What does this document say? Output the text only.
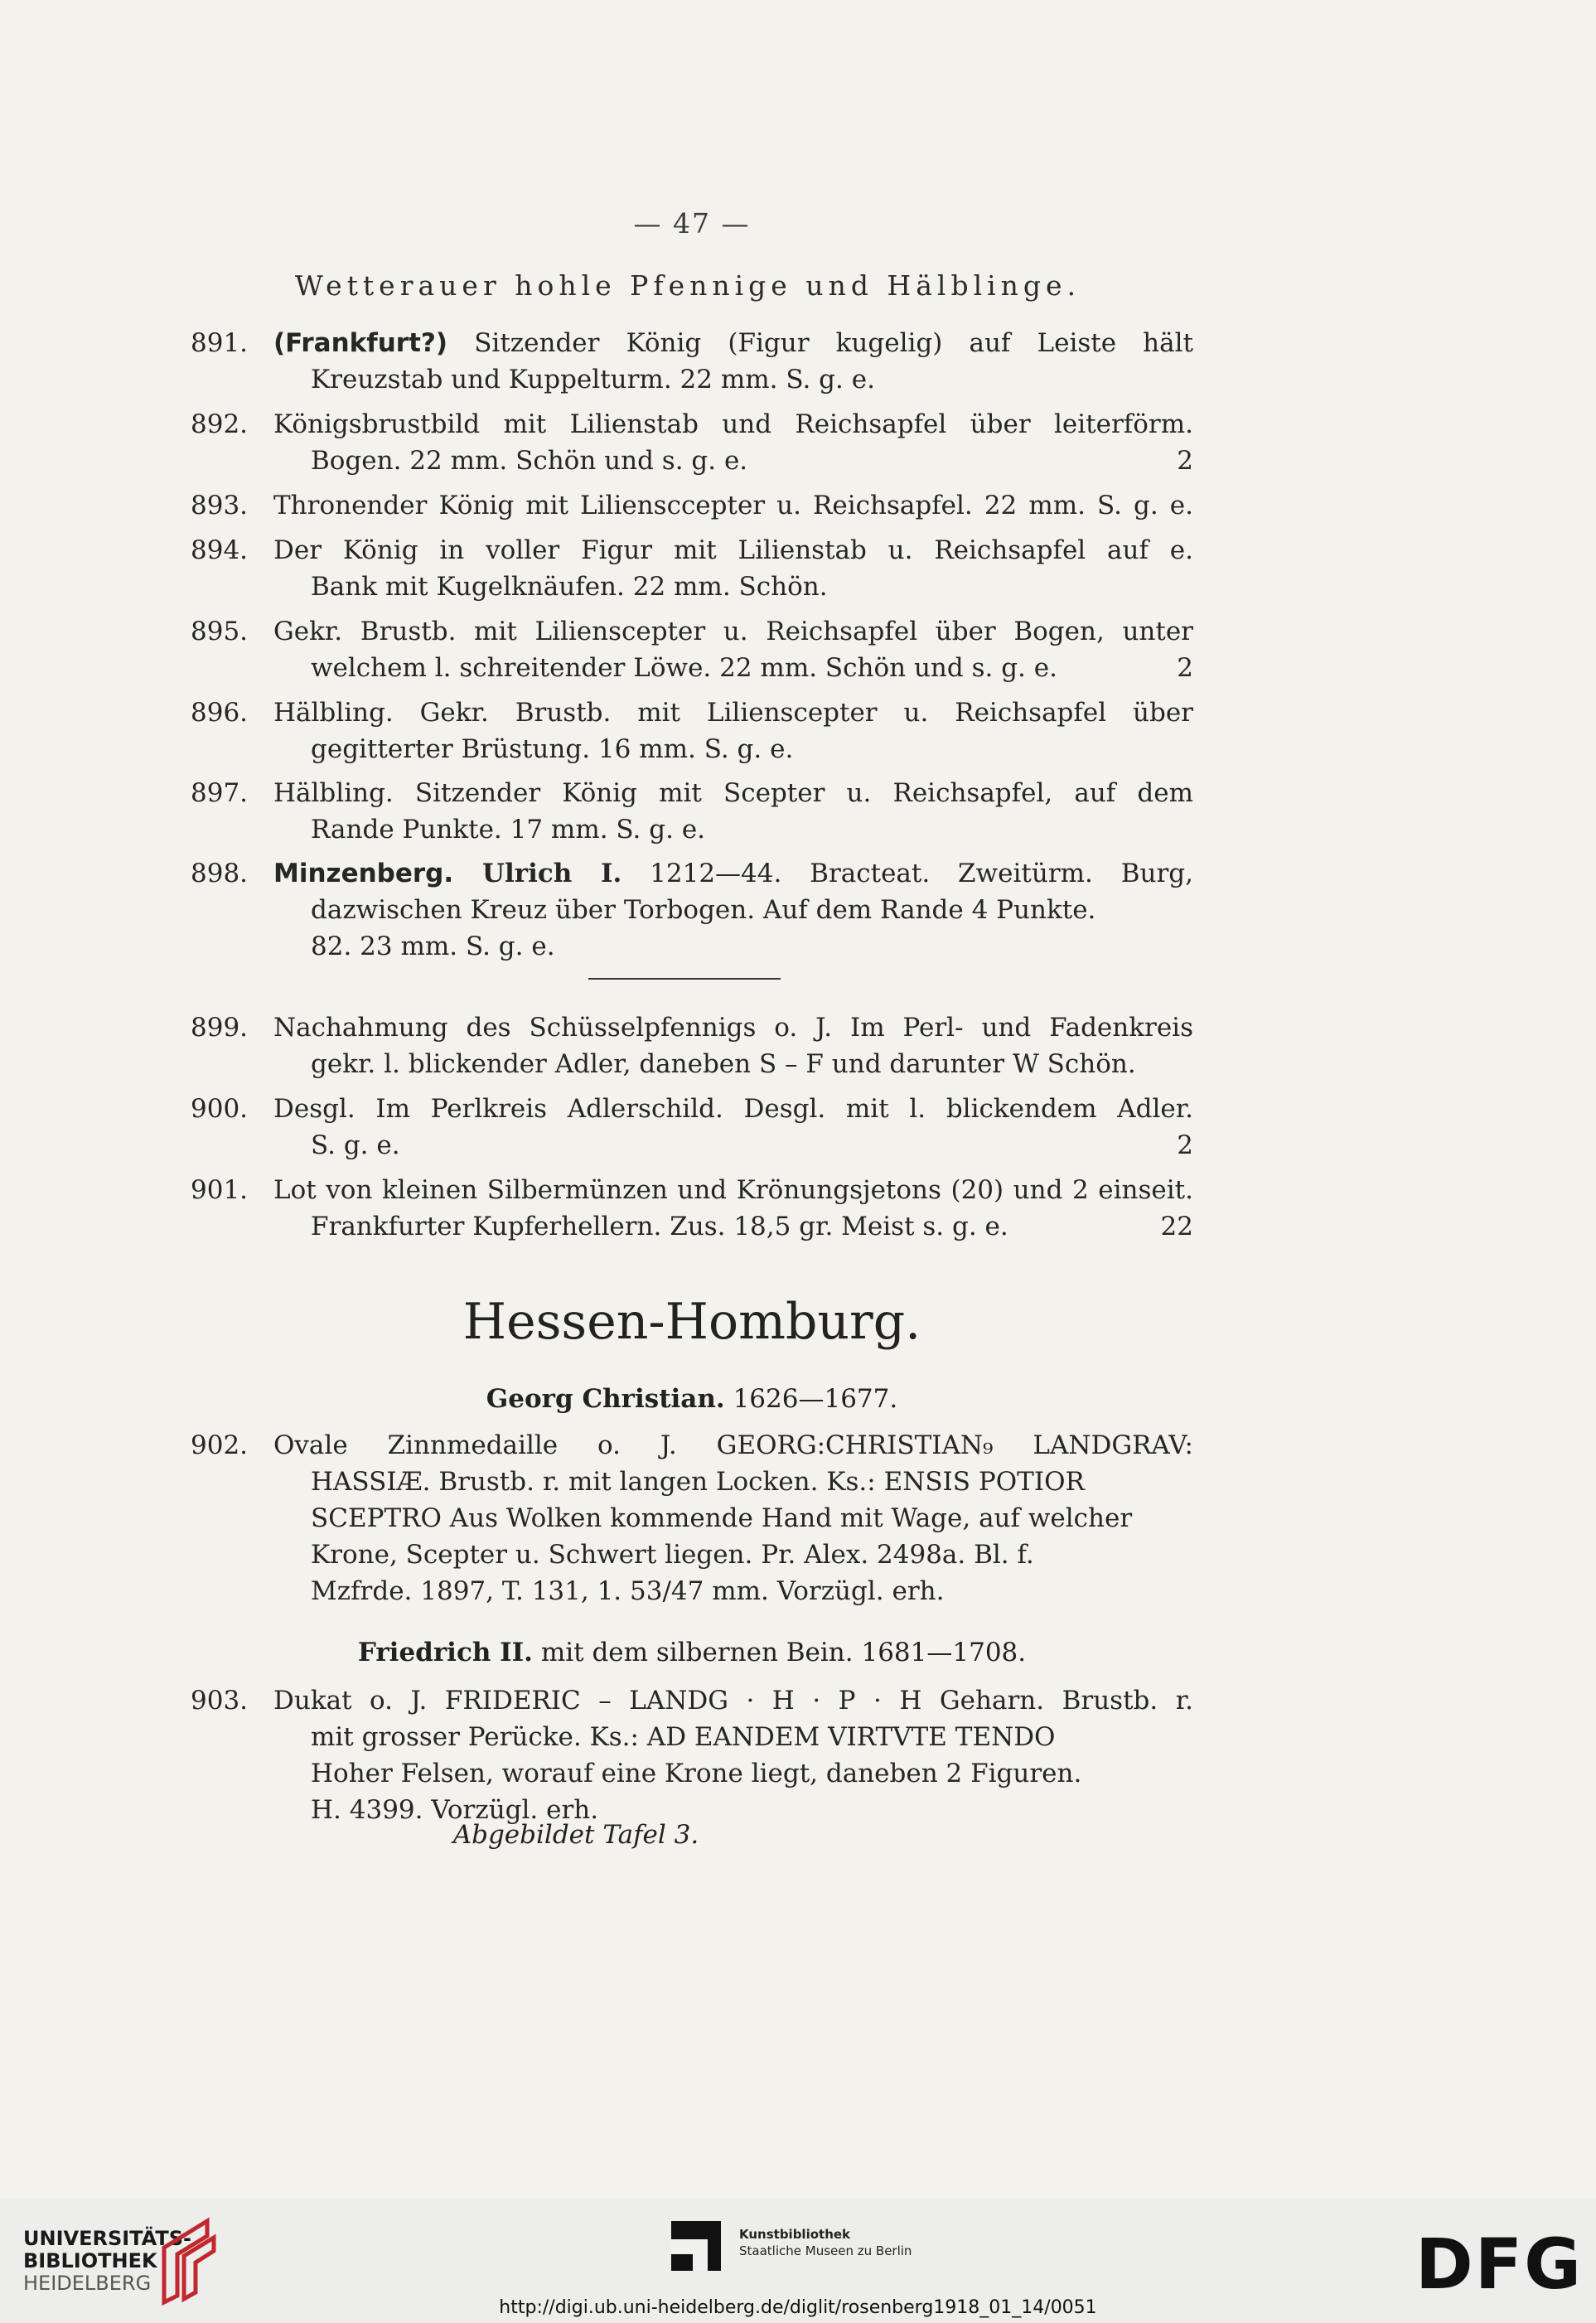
— 47 —
Wetterauer hohle Pfennige und Hälblinge.
891. (Frankfurt?) Sitzender König (Figur kugelig) auf Leiste hält
Kreuzstab und Kuppelturm. 22 mm. S. g. e.
892. Königsbrustbild mit Lilienstab und Reichsapfel über leiterförm.
Bogen. 22 mm. Schön und s. g. e.	2
893. Thronender König mit Liliensccepter u. Reichsapfel. 22 mm. S. g. e.
894. Der König in voller Figur mit Lilienstab u. Reichsapfel auf e.
Bank mit Kugelknäufen. 22 mm. Schön.
895. Gekr. Brustb. mit Lilienscepter u. Reichsapfel über Bogen, unter
welchem l. schreitender Löwe. 22 mm. Schön und s. g. e.	2
896. Hälbling. Gekr. Brustb. mit Lilienscepter u. Reichsapfel über
gegitterter Brüstung. 16 mm. S. g. e.
897. Hälbling. Sitzender König mit Scepter u. Reichsapfel, auf dem
Rande Punkte. 17 mm. S. g. e.
898. Minzenberg. Ulrich I. 1212—44. Bracteat. Zweitürm. Burg,
dazwischen Kreuz über Torbogen. Auf dem Rande 4 Punkte.
82. 23 mm. S. g. e.
899. Nachahmung des Schüsselpfennigs o. J. Im Perl- und Fadenkreis
gekr. l. blickender Adler, daneben S – F und darunter W Schön.
900. Desgl. Im Perlkreis Adlerschild. Desgl. mit l. blickendem Adler.
S. g. e.	2
901. Lot von kleinen Silbermünzen und Krönungsjetons (20) und 2 einseit.
Frankfurter Kupferhellern. Zus. 18,5 gr. Meist s. g. e.	22
Hessen-Homburg.
Georg Christian. 1626—1677.
902. Ovale Zinnmedaille o. J. GEORG:CHRISTIAN₉ LANDGRAV:
HASSIÆ. Brustb. r. mit langen Locken. Ks.: ENSIS POTIOR
SCEPTRO Aus Wolken kommende Hand mit Wage, auf welcher
Krone, Scepter u. Schwert liegen. Pr. Alex. 2498a. Bl. f.
Mzfrde. 1897, T. 131, 1. 53/47 mm. Vorzügl. erh.
Friedrich II. mit dem silbernen Bein. 1681—1708.
903. Dukat o. J. FRIDERIC – LANDG · H · P · H Geharn. Brustb. r.
mit grosser Perücke. Ks.: AD EANDEM VIRTVTE TENDO
Hoher Felsen, worauf eine Krone liegt, daneben 2 Figuren.
H. 4399. Vorzügl. erh.
Abgebildet Tafel 3.
UNIVERSITÄTS-
BIBLIOTHEK
HEIDELBERG
Kunstbibliothek
Staatliche Museen zu Berlin	DFG
http://digi.ub.uni-heidelberg.de/diglit/rosenberg1918_01_14/0051
